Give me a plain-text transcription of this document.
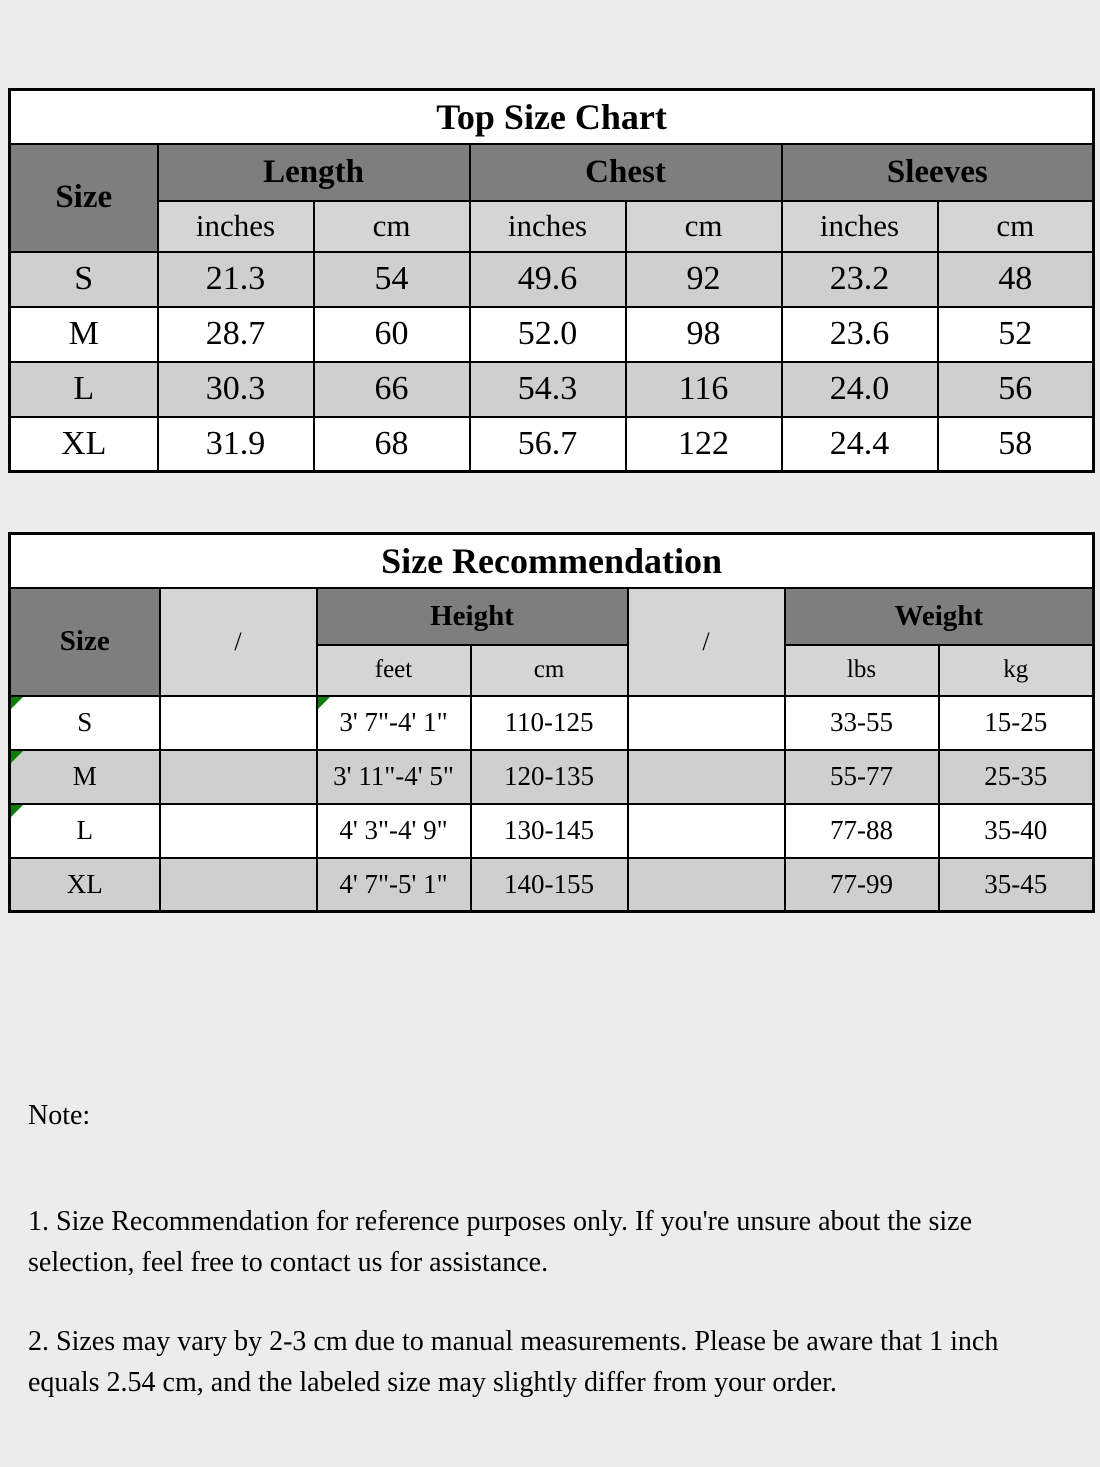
Top Size Chart						
Size	Length		Chest		Sleeves	
	inches	cm	inches	cm	inches	cm
S	21.3	54	49.6	92	23.2	48
M	28.7	60	52.0	98	23.6	52
L	30.3	66	54.3	116	24.0	56
XL	31.9	68	56.7	122	24.4	58
Size Recommendation						
Size	/	Height		/	Weight	
		feet	cm		lbs	kg
S		3' 7"-4' 1"	110-125		33-55	15-25
M		3' 11"-4' 5"	120-135		55-77	25-35
L		4' 3"-4' 9"	130-145		77-88	35-40
XL		4' 7"-5' 1"	140-155		77-99	35-45
Note:

1. Size Recommendation for reference purposes only. If you're unsure about the size selection, feel free to contact us for assistance.

2. Sizes may vary by 2-3 cm due to manual measurements. Please be aware that 1 inch equals 2.54 cm, and the labeled size may slightly differ from your order.
